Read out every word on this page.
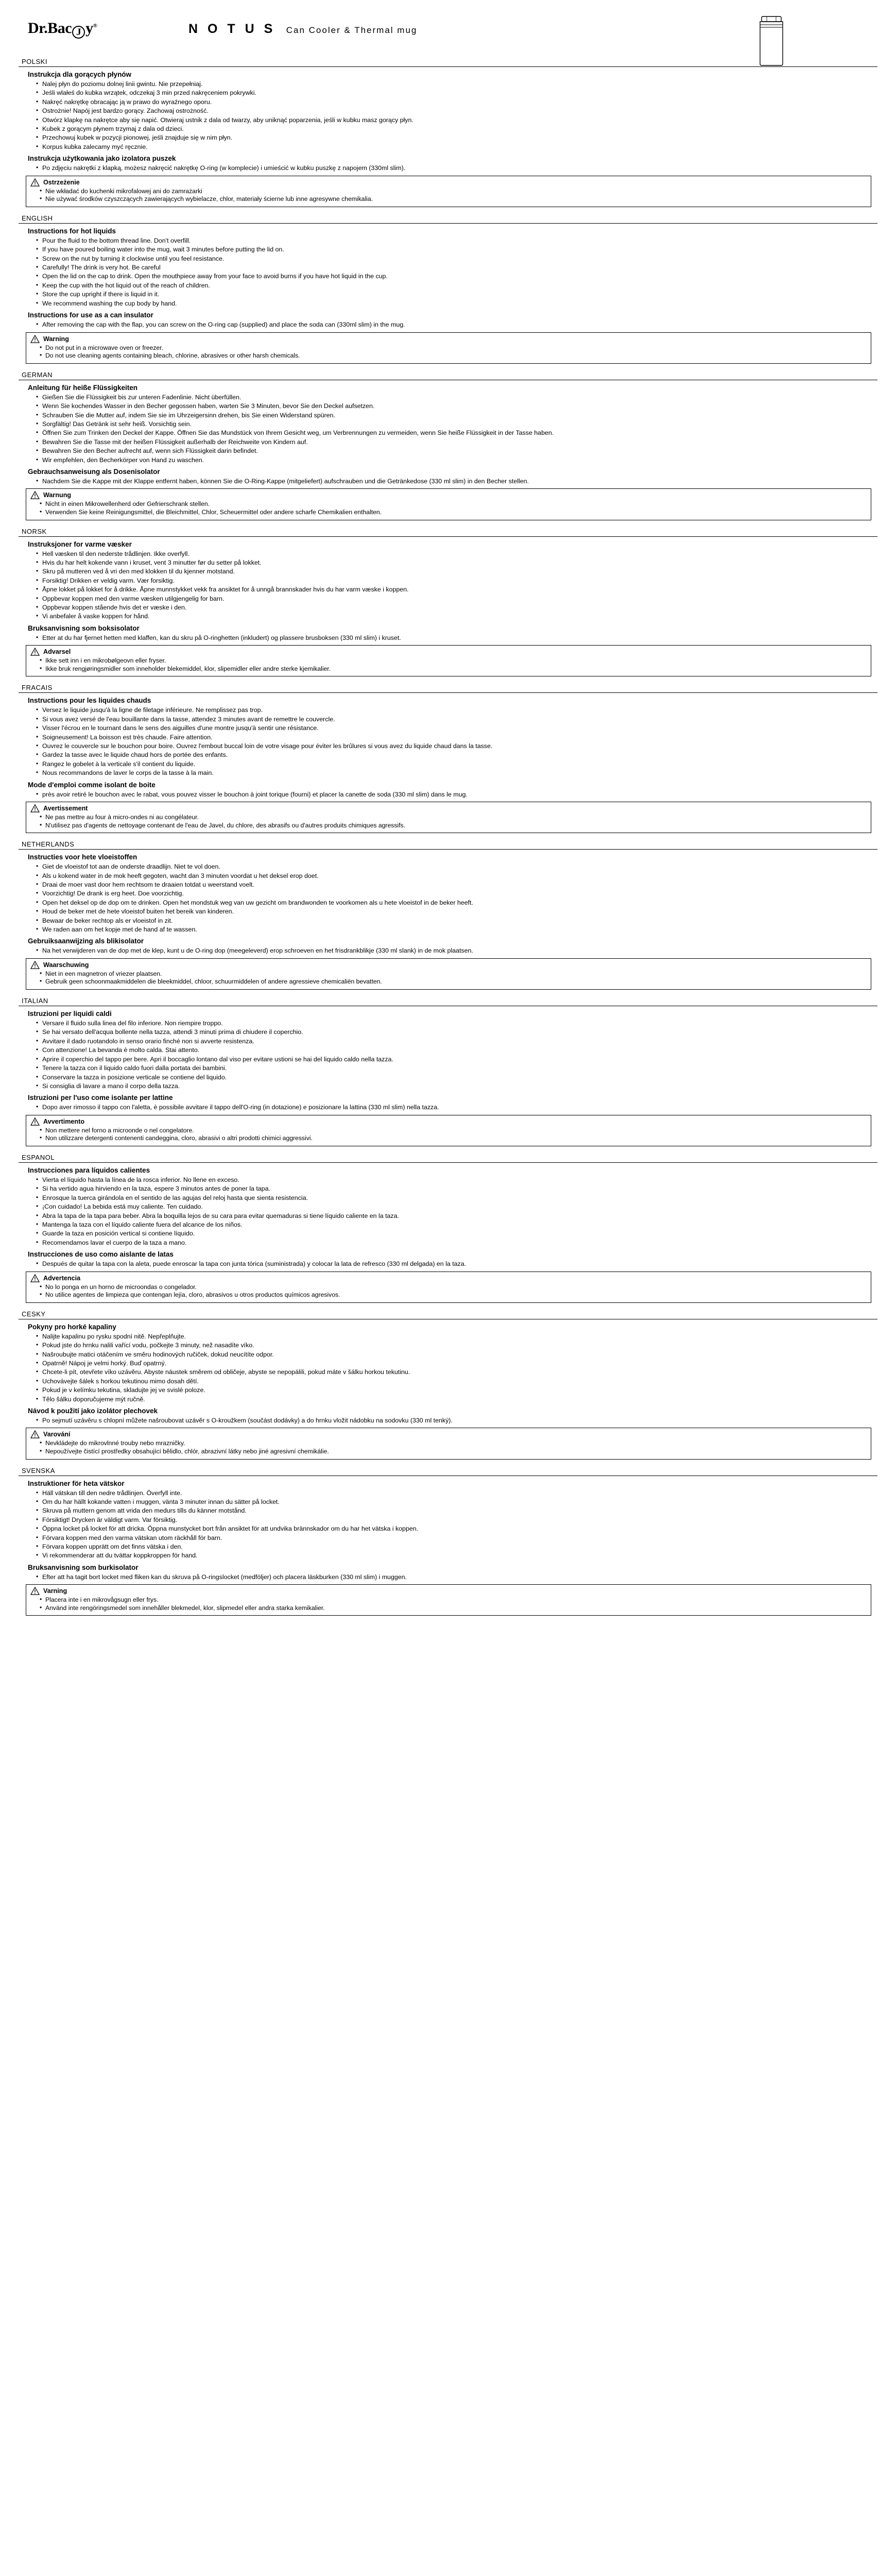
Dr.Bac J y®	N O T U S Can Cooler & Thermal mug
POLSKI
Instrukcja dla gorących płynów
• Nalej płyn do poziomu dolnej linii gwintu. Nie przepełniaj.
• Jeśli wlałeś do kubka wrzątek, odczekaj 3 min przed nakręceniem pokrywki.
• Nakręć nakrętkę obracając ją w prawo do wyraźnego oporu.
• Ostrożnie! Napój jest bardzo gorący. Zachowaj ostrożność.
• Otwórz klapkę na nakrętce aby się napić. Otwieraj ustnik z dala od twarzy, aby uniknąć poparzenia, jeśli w kubku masz gorący płyn.
• Kubek z gorącym płynem trzymaj z dala od dzieci.
• Przechowuj kubek w pozycji pionowej, jeśli znajduje się w nim płyn.
• Korpus kubka zalecamy myć ręcznie.
Instrukcja użytkowania jako izolatora puszek

• Po zdjęciu nakrętki z klapką, możesz nakręcić nakrętkę O-ring (w komplecie) i umieścić w kubku puszkę z napojem (330ml slim).

Ostrzeżenie
• Nie wkładać do kuchenki mikrofalowej ani do zamrażarki
• Nie używać środków czyszczących zawierających wybielacze, chlor, materiały ścierne lub inne agresywne chemikalia.
ENGLISH
Instructions for hot liquids
• Pour the fluid to the bottom thread line. Don't overfill.
• If you have poured boiling water into the mug, wait 3 minutes before putting the lid on.
• Screw on the nut by turning it clockwise until you feel resistance.
• Carefully! The drink is very hot. Be careful
• Open the lid on the cap to drink. Open the mouthpiece away from your face to avoid burns if you have hot liquid in the cup.
• Keep the cup with the hot liquid out of the reach of children.
• Store the cup upright if there is liquid in it.
• We recommend washing the cup body by hand.
Instructions for use as a can insulator

• After removing the cap with the flap, you can screw on the O-ring cap (supplied) and place the soda can (330ml slim) in the mug.

Warning
• Do not put in a microwave oven or freezer.
• Do not use cleaning agents containing bleach, chlorine, abrasives or other harsh chemicals.
GERMAN
Anleitung für heiße Flüssigkeiten
• Gießen Sie die Flüssigkeit bis zur unteren Fadenlinie. Nicht überfüllen.
• Wenn Sie kochendes Wasser in den Becher gegossen haben, warten Sie 3 Minuten, bevor Sie den Deckel aufsetzen.
• Schrauben Sie die Mutter auf, indem Sie sie im Uhrzeigersinn drehen, bis Sie einen Widerstand spüren.
• Sorgfältig! Das Getränk ist sehr heiß. Vorsichtig sein.
• Öffnen Sie zum Trinken den Deckel der Kappe. Öffnen Sie das Mundstück von Ihrem Gesicht weg, um Verbrennungen zu vermeiden, wenn Sie heiße Flüssigkeit in der Tasse haben.
• Bewahren Sie die Tasse mit der heißen Flüssigkeit außerhalb der Reichweite von Kindern auf.
• Bewahren Sie den Becher aufrecht auf, wenn sich Flüssigkeit darin befindet.
• Wir empfehlen, den Becherkörper von Hand zu waschen.
Gebrauchsanweisung als Dosenisolator

• Nachdem Sie die Kappe mit der Klappe entfernt haben, können Sie die O-Ring-Kappe (mitgeliefert) aufschrauben und die Getränkedose (330 ml slim) in den Becher stellen.

Warnung
• Nicht in einen Mikrowellenherd oder Gefrierschrank stellen.
• Verwenden Sie keine Reinigungsmittel, die Bleichmittel, Chlor, Scheuermittel oder andere scharfe Chemikalien enthalten.
NORSK
Instruksjoner for varme væsker
• Hell væsken til den nederste trådlinjen. Ikke overfyll.
• Hvis du har helt kokende vann i kruset, vent 3 minutter før du setter på lokket.
• Skru på mutteren ved å vri den med klokken til du kjenner motstand.
• Forsiktig! Drikken er veldig varm. Vær forsiktig.
• Åpne lokket på lokket for å drikke. Åpne munnstykket vekk fra ansiktet for å unngå brannskader hvis du har varm væske i koppen.
• Oppbevar koppen med den varme væsken utilgjengelig for barn.
• Oppbevar koppen stående hvis det er væske i den.
• Vi anbefaler å vaske koppen for hånd.
Bruksanvisning som boksisolator

• Etter at du har fjernet hetten med klaffen, kan du skru på O-ringhetten (inkludert) og plassere brusboksen (330 ml slim) i kruset.

Advarsel
• Ikke sett inn i en mikrobølgeovn eller fryser.
• Ikke bruk rengjøringsmidler som inneholder blekemiddel, klor, slipemidler eller andre sterke kjemikalier.
FRACAIS
Instructions pour les liquides chauds
• Versez le liquide jusqu'à la ligne de filetage inférieure. Ne remplissez pas trop.
• Si vous avez versé de l'eau bouillante dans la tasse, attendez 3 minutes avant de remettre le couvercle.
• Visser l'écrou en le tournant dans le sens des aiguilles d'une montre jusqu'à sentir une résistance.
• Soigneusement! La boisson est très chaude. Faire attention.
• Ouvrez le couvercle sur le bouchon pour boire. Ouvrez l'embout buccal loin de votre visage pour éviter les brûlures si vous avez du liquide chaud dans la tasse.
• Gardez la tasse avec le liquide chaud hors de portée des enfants.
• Rangez le gobelet à la verticale s'il contient du liquide.
• Nous recommandons de laver le corps de la tasse à la main.
Mode d'emploi comme isolant de boite

• près avoir retiré le bouchon avec le rabat, vous pouvez visser le bouchon à joint torique (fourni) et placer la canette de soda (330 ml slim) dans le mug.

Avertissement
• Ne pas mettre au four à micro-ondes ni au congélateur.
• N'utilisez pas d'agents de nettoyage contenant de l'eau de Javel, du chlore, des abrasifs ou d'autres produits chimiques agressifs.
NETHERLANDS
Instructies voor hete vloeistoffen
• Giet de vloeistof tot aan de onderste draadlijn. Niet te vol doen.
• Als u kokend water in de mok heeft gegoten, wacht dan 3 minuten voordat u het deksel erop doet.
• Draai de moer vast door hem rechtsom te draaien totdat u weerstand voelt.
• Voorzichtig! De drank is erg heet. Doe voorzichtig.
• Open het deksel op de dop om te drinken. Open het mondstuk weg van uw gezicht om brandwonden te voorkomen als u hete vloeistof in de beker heeft.
• Houd de beker met de hete vloeistof buiten het bereik van kinderen.
• Bewaar de beker rechtop als er vloeistof in zit.
• We raden aan om het kopje met de hand af te wassen.
Gebruiksaanwijzing als blikisolator

• Na het verwijderen van de dop met de klep, kunt u de O-ring dop (meegeleverd) erop schroeven en het frisdrankblikje (330 ml slank) in de mok plaatsen.

Waarschuwing
• Niet in een magnetron of vriezer plaatsen.
• Gebruik geen schoonmaakmiddelen die bleekmiddel, chloor, schuurmiddelen of andere agressieve chemicaliën bevatten.
ITALIAN
Istruzioni per liquidi caldi
• Versare il fluido sulla linea del filo inferiore. Non riempire troppo.
• Se hai versato dell'acqua bollente nella tazza, attendi 3 minuti prima di chiudere il coperchio.
• Avvitare il dado ruotandolo in senso orario finché non si avverte resistenza.
• Con attenzione! La bevanda è molto calda. Stai attento.
• Aprire il coperchio del tappo per bere. Apri il boccaglio lontano dal viso per evitare ustioni se hai del liquido caldo nella tazza.
• Tenere la tazza con il liquido caldo fuori dalla portata dei bambini.
• Conservare la tazza in posizione verticale se contiene del liquido.
• Si consiglia di lavare a mano il corpo della tazza.
Istruzioni per l'uso come isolante per lattine

• Dopo aver rimosso il tappo con l'aletta, è possibile avvitare il tappo dell'O-ring (in dotazione) e posizionare la lattina (330 ml slim) nella tazza.

Avvertimento
• Non mettere nel forno a microonde o nel congelatore.
• Non utilizzare detergenti contenenti candeggina, cloro, abrasivi o altri prodotti chimici aggressivi.
ESPANOL
Instrucciones para líquidos calientes
• Vierta el líquido hasta la línea de la rosca inferior. No llene en exceso.
• Si ha vertido agua hirviendo en la taza, espere 3 minutos antes de poner la tapa.
• Enrosque la tuerca girándola en el sentido de las agujas del reloj hasta que sienta resistencia.
• ¡Con cuidado! La bebida está muy caliente. Ten cuidado.
• Abra la tapa de la tapa para beber. Abra la boquilla lejos de su cara para evitar quemaduras si tiene líquido caliente en la taza.
• Mantenga la taza con el líquido caliente fuera del alcance de los niños.
• Guarde la taza en posición vertical si contiene líquido.
• Recomendamos lavar el cuerpo de la taza a mano.
Instrucciones de uso como aislante de latas

• Después de quitar la tapa con la aleta, puede enroscar la tapa con junta tórica (suministrada) y colocar la lata de refresco (330 ml delgada) en la taza.

Advertencia
• No lo ponga en un horno de microondas o congelador.
• No utilice agentes de limpieza que contengan lejía, cloro, abrasivos u otros productos químicos agresivos.
CESKY
Pokyny pro horké kapaliny
• Nalijte kapalinu po rysku spodní nitě. Nepřeplňujte.
• Pokud jste do hrnku nalili vařící vodu, počkejte 3 minuty, než nasadíte víko.
• Našroubujte matici otáčením ve směru hodinových ručiček, dokud neucítíte odpor.
• Opatrně! Nápoj je velmi horký. Buď opatrný.
• Chcete-li pít, otevřete víko uzávěru. Abyste náustek směrem od obličeje, abyste se nepopálili, pokud máte v šálku horkou tekutinu.
• Uchovávejte šálek s horkou tekutinou mimo dosah dětí.
• Pokud je v kelímku tekutina, skladujte jej ve svislé poloze.
• Tělo šálku doporučujeme mýt ručně.
Návod k použití jako izolátor plechovek

• Po sejmutí uzávěru s chlopní můžete našroubovat uzávěr s O-kroužkem (součást dodávky) a do hrnku vložit nádobku na sodovku (330 ml tenký).

Varování
• Nevkládejte do mikrovlnné trouby nebo mrazničky.
• Nepoužívejte čistící prostředky obsahující bělidlo, chlór, abrazivní látky nebo jiné agresivní chemikálie.
SVENSKA
Instruktioner för heta vätskor
• Häll vätskan till den nedre trådlinjen. Överfyll inte.
• Om du har hällt kokande vatten i muggen, vänta 3 minuter innan du sätter på locket.
• Skruva på muttern genom att vrida den medurs tills du känner motstånd.
• Försiktigt! Drycken är väldigt varm. Var försiktig.
• Öppna locket på locket för att dricka. Öppna munstycket bort från ansiktet för att undvika brännskador om du har het vätska i koppen.
• Förvara koppen med den varma vätskan utom räckhåll för barn.
• Förvara koppen upprätt om det finns vätska i den.
• Vi rekommenderar att du tvättar koppkroppen för hand.
Bruksanvisning som burkisolator

• Efter att ha tagit bort locket med fliken kan du skruva på O-ringslocket (medföljer) och placera läskburken (330 ml slim) i muggen.

Varning
• Placera inte i en mikrovågsugn eller frys.
• Använd inte rengöringsmedel som innehåller blekmedel, klor, slipmedel eller andra starka kemikalier.
